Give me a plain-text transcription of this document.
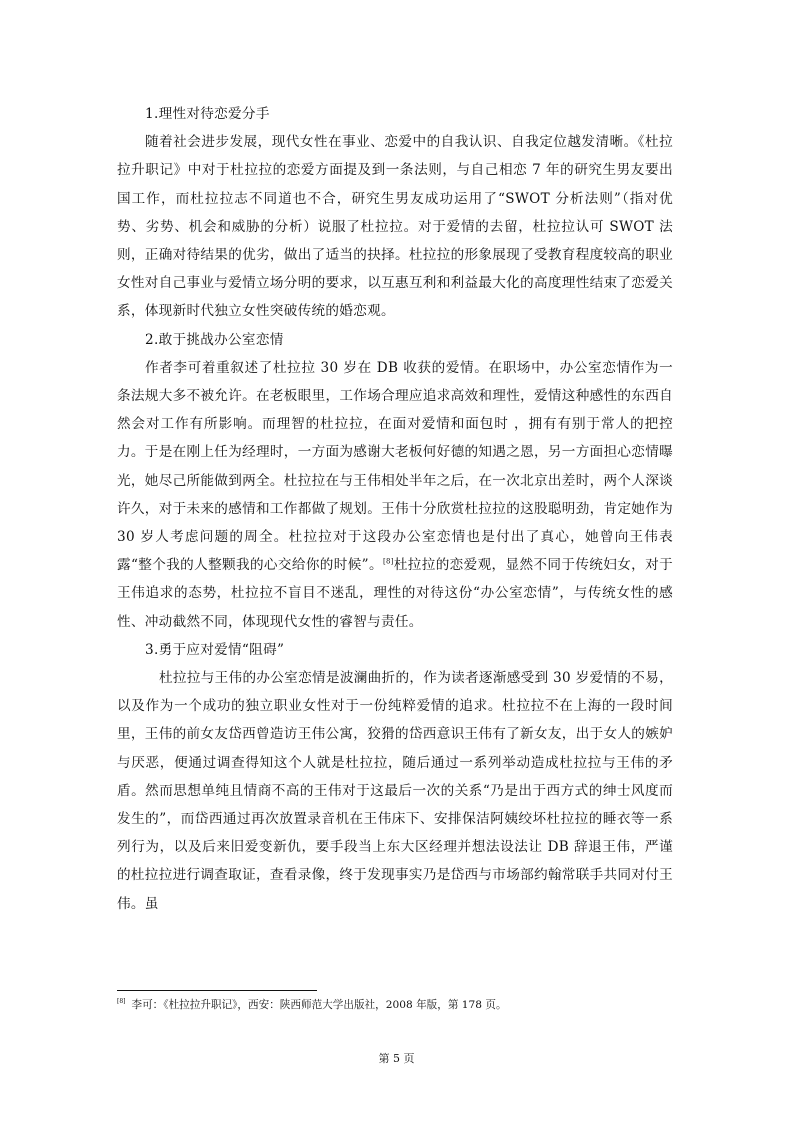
1.理性对待恋爱分手

随着社会进步发展，现代女性在事业、恋爱中的自我认识、自我定位越发清晰。《杜拉拉升职记》中对于杜拉拉的恋爱方面提及到一条法则，与自己相恋 7 年的研究生男友要出国工作，而杜拉拉志不同道也不合，研究生男友成功运用了“SWOT 分析法则”（指对优势、劣势、机会和威胁的分析）说服了杜拉拉。对于爱情的去留，杜拉拉认可 SWOT 法则，正确对待结果的优劣，做出了适当的抉择。杜拉拉的形象展现了受教育程度较高的职业女性对自己事业与爱情立场分明的要求，以互惠互利和利益最大化的高度理性结束了恋爱关系，体现新时代独立女性突破传统的婚恋观。

2.敢于挑战办公室恋情

作者李可着重叙述了杜拉拉 30 岁在 DB 收获的爱情。在职场中，办公室恋情作为一条法规大多不被允许。在老板眼里，工作场合理应追求高效和理性，爱情这种感性的东西自然会对工作有所影响。而理智的杜拉拉，在面对爱情和面包时 ，拥有有别于常人的把控力。于是在刚上任为经理时，一方面为感谢大老板何好德的知遇之恩，另一方面担心恋情曝光，她尽己所能做到两全。杜拉拉在与王伟相处半年之后，在一次北京出差时，两个人深谈许久，对于未来的感情和工作都做了规划。王伟十分欣赏杜拉拉的这股聪明劲，肯定她作为 30 岁人考虑问题的周全。杜拉拉对于这段办公室恋情也是付出了真心，她曾向王伟表露“整个我的人整颗我的心交给你的时候”。[8]杜拉拉的恋爱观，显然不同于传统妇女，对于王伟追求的态势，杜拉拉不盲目不迷乱，理性的对待这份“办公室恋情”，与传统女性的感性、冲动截然不同，体现现代女性的睿智与责任。

3.勇于应对爱情“阻碍”

杜拉拉与王伟的办公室恋情是波澜曲折的，作为读者逐渐感受到 30 岁爱情的不易，以及作为一个成功的独立职业女性对于一份纯粹爱情的追求。杜拉拉不在上海的一段时间里，王伟的前女友岱西曾造访王伟公寓，狡猾的岱西意识王伟有了新女友，出于女人的嫉妒与厌恶，便通过调查得知这个人就是杜拉拉，随后通过一系列举动造成杜拉拉与王伟的矛盾。然而思想单纯且情商不高的王伟对于这最后一次的关系“乃是出于西方式的绅士风度而发生的”，而岱西通过再次放置录音机在王伟床下、安排保洁阿姨绞坏杜拉拉的睡衣等一系列行为，以及后来旧爱变新仇，要手段当上东大区经理并想法设法让 DB 辞退王伟，严谨的杜拉拉进行调查取证，查看录像，终于发现事实乃是岱西与市场部约翰常联手共同对付王伟。虽

[8] 李可：《杜拉拉升职记》，西安：陕西师范大学出版社，2008 年版，第 178 页。
第 5 页
